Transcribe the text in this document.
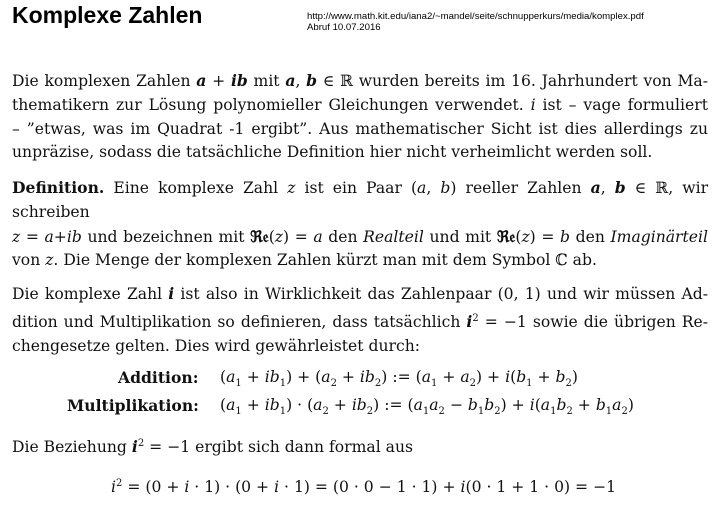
Komplexe Zahlen	http://www.math.kit.edu/iana2/~mandel/seite/schnupperkurs/media/komplex.pdf
Abruf 10.07.2016
Die komplexen Zahlen a + ib mit a, b ∈ ℝ wurden bereits im 16. Jahrhundert von Ma-
thematikern zur Lösung polynomieller Gleichungen verwendet. i ist – vage formuliert
– ”etwas, was im Quadrat -1 ergibt”. Aus mathematischer Sicht ist dies allerdings zu
unpräzise, sodass die tatsächliche Definition hier nicht verheimlicht werden soll.
Definition. Eine komplexe Zahl z ist ein Paar (a, b) reeller Zahlen a, b ∈ ℝ, wir schreiben
z = a+ib und bezeichnen mit ℜ𝔢(z) = a den Realteil und mit ℜ𝔢(z) = b den Imaginärteil
von z. Die Menge der komplexen Zahlen kürzt man mit dem Symbol ℂ ab.
Die komplexe Zahl i ist also in Wirklichkeit das Zahlenpaar (0, 1) und wir müssen Ad-
dition und Multiplikation so definieren, dass tatsächlich $i^2 = -1$ sowie die übrigen Re-
chengesetze gelten. Dies wird gewährleistet durch:
Addition: $(a_1 + ib_1) + (a_2 + ib_2)$ := $(a_1 + a_2) + i(b_1 + b_2)$
Multiplikation: $(a_1 + ib_1) \cdot (a_2 + ib_2)$ := $(a_1a_2 - b_1b_2) + i(a_1b_2 + b_1a_2)$
Die Beziehung $i^2 = -1$ ergibt sich dann formal aus
$i^2 = (0 + i \cdot 1) \cdot (0 + i \cdot 1) = (0 \cdot 0 - 1 \cdot 1) + i(0 \cdot 1 + 1 \cdot 0) = -1$
